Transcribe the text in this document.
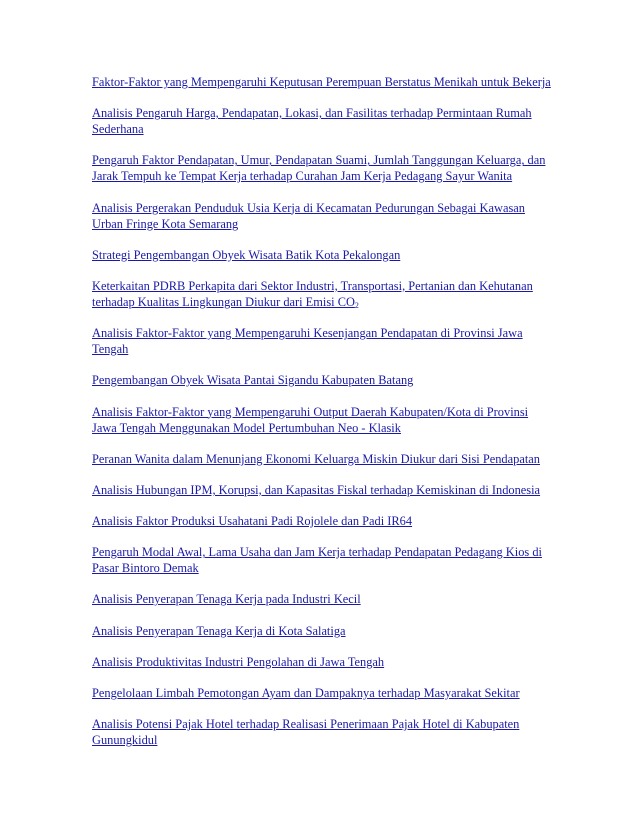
Faktor-Faktor yang Mempengaruhi Keputusan Perempuan Berstatus Menikah untuk Bekerja
Analisis Pengaruh Harga, Pendapatan, Lokasi, dan Fasilitas terhadap Permintaan Rumah Sederhana
Pengaruh Faktor Pendapatan, Umur, Pendapatan Suami, Jumlah Tanggungan Keluarga, dan Jarak Tempuh ke Tempat Kerja terhadap Curahan Jam Kerja Pedagang Sayur Wanita
Analisis Pergerakan Penduduk Usia Kerja di Kecamatan Pedurungan Sebagai Kawasan Urban Fringe Kota Semarang
Strategi Pengembangan Obyek Wisata Batik Kota Pekalongan
Keterkaitan PDRB Perkapita dari Sektor Industri, Transportasi, Pertanian dan Kehutanan terhadap Kualitas Lingkungan Diukur dari Emisi $CO_2$
Analisis Faktor-Faktor yang Mempengaruhi Kesenjangan Pendapatan di Provinsi Jawa Tengah
Pengembangan Obyek Wisata Pantai Sigandu Kabupaten Batang
Analisis Faktor-Faktor yang Mempengaruhi Output Daerah Kabupaten/Kota di Provinsi Jawa Tengah Menggunakan Model Pertumbuhan Neo - Klasik
Peranan Wanita dalam Menunjang Ekonomi Keluarga Miskin Diukur dari Sisi Pendapatan
Analisis Hubungan IPM, Korupsi, dan Kapasitas Fiskal terhadap Kemiskinan di Indonesia
Analisis Faktor Produksi Usahatani Padi Rojolele dan Padi IR64
Pengaruh Modal Awal, Lama Usaha dan Jam Kerja terhadap Pendapatan Pedagang Kios di Pasar Bintoro Demak
Analisis Penyerapan Tenaga Kerja pada Industri Kecil
Analisis Penyerapan Tenaga Kerja di Kota Salatiga
Analisis Produktivitas Industri Pengolahan di Jawa Tengah
Pengelolaan Limbah Pemotongan Ayam dan Dampaknya terhadap Masyarakat Sekitar
Analisis Potensi Pajak Hotel terhadap Realisasi Penerimaan Pajak Hotel di Kabupaten Gunungkidul
